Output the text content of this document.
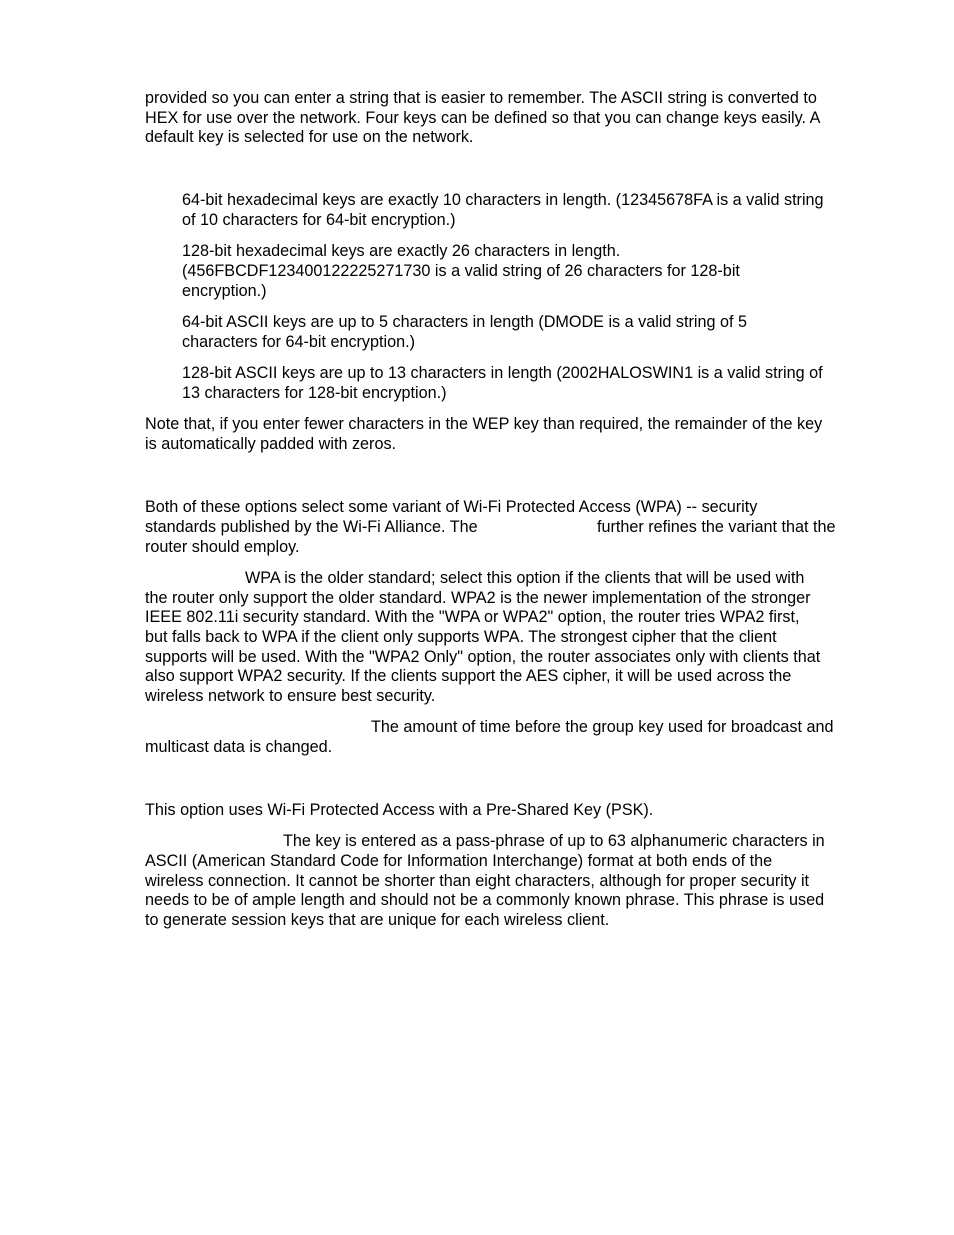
provided so you can enter a string that is easier to remember. The ASCII string is converted to
HEX for use over the network. Four keys can be defined so that you can change keys easily. A
default key is selected for use on the network.
64-bit hexadecimal keys are exactly 10 characters in length. (12345678FA is a valid string
of 10 characters for 64-bit encryption.)
128-bit hexadecimal keys are exactly 26 characters in length.
(456FBCDF123400122225271730 is a valid string of 26 characters for 128-bit
encryption.)
64-bit ASCII keys are up to 5 characters in length (DMODE is a valid string of 5
characters for 64-bit encryption.)
128-bit ASCII keys are up to 13 characters in length (2002HALOSWIN1 is a valid string of
13 characters for 128-bit encryption.)
Note that, if you enter fewer characters in the WEP key than required, the remainder of the key
is automatically padded with zeros.
Both of these options select some variant of Wi-Fi Protected Access (WPA) -- security
standards published by the Wi-Fi Alliance. The	further refines the variant that the
router should employ.
WPA is the older standard; select this option if the clients that will be used with
the router only support the older standard. WPA2 is the newer implementation of the stronger
IEEE 802.11i security standard. With the "WPA or WPA2" option, the router tries WPA2 first,
but falls back to WPA if the client only supports WPA. The strongest cipher that the client
supports will be used. With the "WPA2 Only" option, the router associates only with clients that
also support WPA2 security. If the clients support the AES cipher, it will be used across the
wireless network to ensure best security.
The amount of time before the group key used for broadcast and
multicast data is changed.
This option uses Wi-Fi Protected Access with a Pre-Shared Key (PSK).
The key is entered as a pass-phrase of up to 63 alphanumeric characters in
ASCII (American Standard Code for Information Interchange) format at both ends of the
wireless connection. It cannot be shorter than eight characters, although for proper security it
needs to be of ample length and should not be a commonly known phrase. This phrase is used
to generate session keys that are unique for each wireless client.
